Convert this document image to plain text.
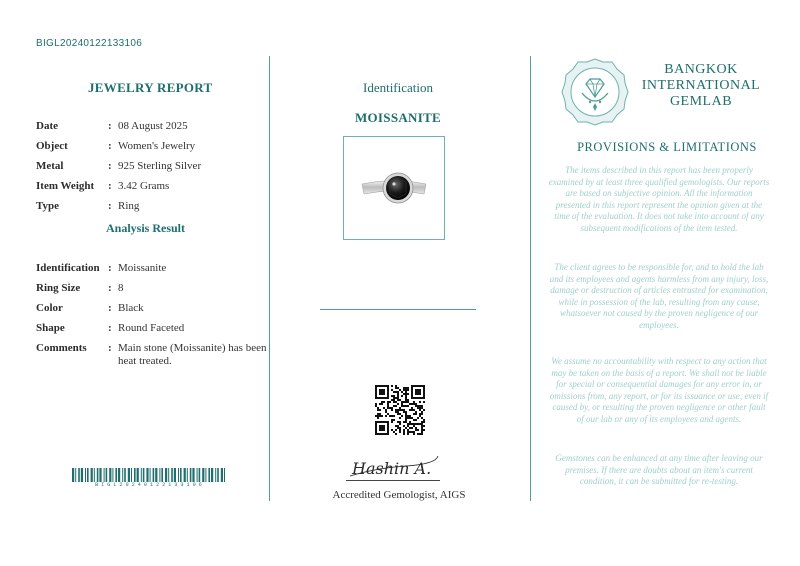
BIGL20240122133106
JEWELRY REPORT
Date	: 08 August 2025
Object	: Women's Jewelry
Metal	: 925 Sterling Silver
Item Weight	: 3.42 Grams
Type	: Ring
Analysis Result
Identification : Moissanite
Ring Size	: 8
Color	: Black
Shape	: Round Faceted
Comments	: Main stone (Moissanite) has been heat treated.
BIGL20240122133106
Identification
MOISSANITE
Hashin A.
Accredited Gemologist, AIGS
BANGKOK
INTERNATIONAL
GEMLAB
PROVISIONS & LIMITATIONS
The items described in this report has been properly examined by at least three qualified gemologists. Our reports are based on subjective opinion. All the information presented in this report represent the opinion given at the time of the evaluation. It does not take into account of any subsequent modifications of the item tested.
The client agrees to be responsible for, and to hold the lab and its employees and agents harmless from any injury, loss, damage or destruction of articles entrusted for examination, while in possession of the lab, resulting from any cause, whatsoever not caused by the proven negligence of our employees.
We assume no accountability with respect to any action that may be taken on the basis of a report. We shall not be liable for special or consequential damages for any error in, or omissions from, any report, or for its issuance or use, even if caused by, or resulting the proven negligence or other fault of our lab or any of its employees and agents.
Gemstones can be enhanced at any time after leaving our premises. If there are doubts about an item's current condition, it can be submitted for re-testing.
